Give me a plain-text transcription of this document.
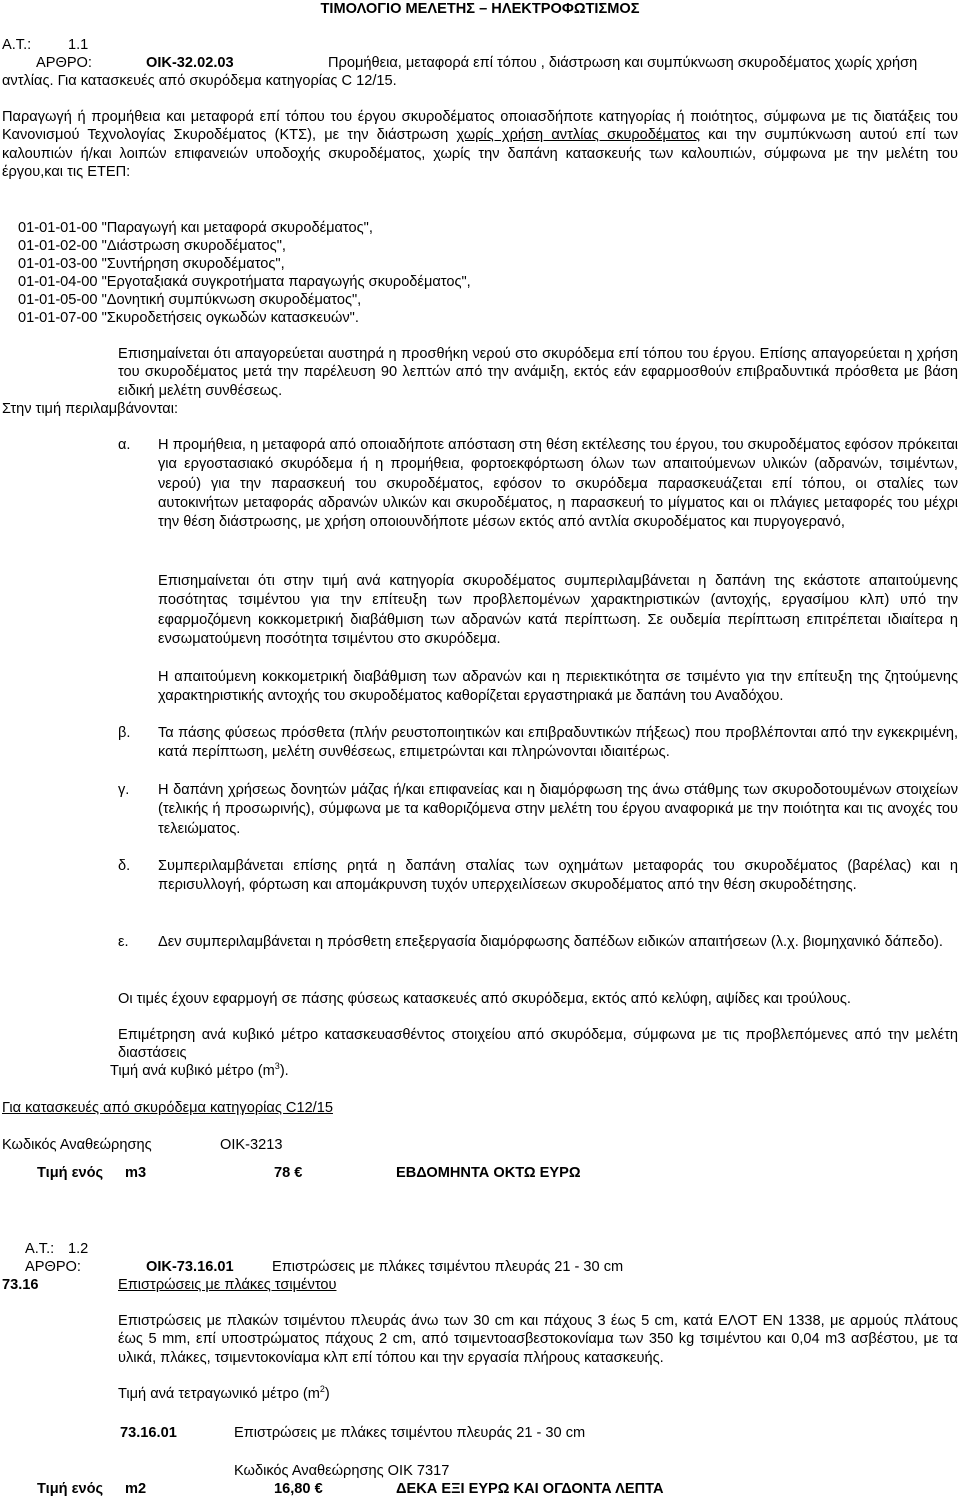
ΤΙΜΟΛΟΓΙΟ ΜΕΛΕΤΗΣ – ΗΛΕΚΤΡΟΦΩΤΙΣΜΟΣ
Α.Τ.:	1.1
ΑΡΘΡΟ:	ΟΙΚ-32.02.03	Προμήθεια, μεταφορά επί τόπου , διάστρωση και συμπύκνωση σκυροδέματος χωρίς χρήση
αντλίας. Για κατασκευές από σκυρόδεμα κατηγορίας C 12/15.
Παραγωγή ή προμήθεια και μεταφορά επί τόπου του έργου σκυροδέματος οποιασδήποτε κατηγορίας ή ποιότητος, σύμφωνα με τις διατάξεις του Κανονισμού Τεχνολογίας Σκυροδέματος (ΚΤΣ), με την διάστρωση χωρίς χρήση αντλίας σκυροδέματος και την συμπύκνωση αυτού επί των καλουπιών ή/και λοιπών επιφανειών υποδοχής σκυροδέματος, χωρίς την δαπάνη κατασκευής των καλουπιών, σύμφωνα με την μελέτη του έργου,και τις ΕΤΕΠ:
01-01-01-00 "Παραγωγή και μεταφορά σκυροδέματος",
01-01-02-00 "Διάστρωση σκυροδέματος",
01-01-03-00 "Συντήρηση σκυροδέματος",
01-01-04-00 "Εργοταξιακά συγκροτήματα παραγωγής σκυροδέματος",
01-01-05-00 "Δονητική συμπύκνωση σκυροδέματος",
01-01-07-00 "Σκυροδετήσεις ογκωδών κατασκευών".
Επισημαίνεται ότι απαγορεύεται αυστηρά η προσθήκη νερού στο σκυρόδεμα επί τόπου του έργου. Επίσης απαγορεύεται η χρήση του σκυροδέματος μετά την παρέλευση 90 λεπτών από την ανάμιξη, εκτός εάν εφαρμοσθούν επιβραδυντικά πρόσθετα με βάση ειδική μελέτη συνθέσεως.
Στην τιμή περιλαμβάνονται:
α. Η προμήθεια, η μεταφορά από οποιαδήποτε απόσταση στη θέση εκτέλεσης του έργου, του σκυροδέματος εφόσον πρόκειται για εργοστασιακό σκυρόδεμα ή η προμήθεια, φορτοεκφόρτωση όλων των απαιτούμενων υλικών (αδρανών, τσιμέντων, νερού) για την παρασκευή του σκυροδέματος, εφόσον το σκυρόδεμα παρασκευάζεται επί τόπου, οι σταλίες των αυτοκινήτων μεταφοράς αδρανών υλικών και σκυροδέματος, η παρασκευή το μίγματος και οι πλάγιες μεταφορές του μέχρι την θέση διάστρωσης, με χρήση οποιουνδήποτε μέσων εκτός από αντλία σκυροδέματος και πυργογερανό,
Επισημαίνεται ότι στην τιμή ανά κατηγορία σκυροδέματος συμπεριλαμβάνεται η δαπάνη της εκάστοτε απαιτούμενης ποσότητας τσιμέντου για την επίτευξη των προβλεπομένων χαρακτηριστικών (αντοχής, εργασίμου κλπ) υπό την εφαρμοζόμενη κοκκομετρική διαβάθμιση των αδρανών κατά περίπτωση. Σε ουδεμία περίπτωση επιτρέπεται ιδιαίτερα η ενσωματούμενη ποσότητα τσιμέντου στο σκυρόδεμα.
Η απαιτούμενη κοκκομετρική διαβάθμιση των αδρανών και η περιεκτικότητα σε τσιμέντο για την επίτευξη της ζητούμενης χαρακτηριστικής αντοχής του σκυροδέματος καθορίζεται εργαστηριακά με δαπάνη του Αναδόχου.
β. Τα πάσης φύσεως πρόσθετα (πλήν ρευστοποιητικών και επιβραδυντικών πήξεως) που προβλέπονται από την εγκεκριμένη, κατά περίπτωση, μελέτη συνθέσεως, επιμετρώνται και πληρώνονται ιδιαιτέρως.
γ. Η δαπάνη χρήσεως δονητών μάζας ή/και επιφανείας και η διαμόρφωση της άνω στάθμης των σκυροδοτουμένων στοιχείων (τελικής ή προσωρινής), σύμφωνα με τα καθοριζόμενα στην μελέτη του έργου αναφορικά με την ποιότητα και τις ανοχές του τελειώματος.
δ. Συμπεριλαμβάνεται επίσης ρητά η δαπάνη σταλίας των οχημάτων μεταφοράς του σκυροδέματος (βαρέλας) και η περισυλλογή, φόρτωση και απομάκρυνση τυχόν υπερχειλίσεων σκυροδέματος από την θέση σκυροδέτησης.
ε. Δεν συμπεριλαμβάνεται η πρόσθετη επεξεργασία διαμόρφωσης δαπέδων ειδικών απαιτήσεων (λ.χ. βιομηχανικό δάπεδο).
Οι τιμές έχουν εφαρμογή σε πάσης φύσεως κατασκευές από σκυρόδεμα, εκτός από κελύφη, αψίδες και τρούλους.
Επιμέτρηση ανά κυβικό μέτρο κατασκευασθέντος στοιχείου από σκυρόδεμα, σύμφωνα με τις προβλεπόμενες από την μελέτη διαστάσεις
Τιμή ανά κυβικό μέτρο $(m^3)$.
Για κατασκευές από σκυρόδεμα κατηγορίας C12/15
Κωδικός Αναθεώρησης	ΟΙΚ-3213
Τιμή ενός m3	78 €	ΕΒΔΟΜΗΝΤΑ ΟΚΤΩ ΕΥΡΩ
Α.Τ.: 1.2
ΑΡΘΡΟ:	ΟΙΚ-73.16.01	Επιστρώσεις με πλάκες τσιμέντου πλευράς 21 - 30 cm
73.16	Επιστρώσεις με πλάκες τσιμέντου
Επιστρώσεις με πλακών τσιμέντου πλευράς άνω των 30 cm και πάχους 3 έως 5 cm, κατά ΕΛΟΤ ΕΝ 1338, με αρμούς πλάτους έως 5 mm, επί υποστρώματος πάχους 2 cm, από τσιμεντοασβεστοκονίαμα των 350 kg τσιμέντου και 0,04 m3 ασβέστου, με τα υλικά, πλάκες, τσιμεντοκονίαμα κλπ επί τόπου και την εργασία πλήρους κατασκευής.
Τιμή ανά τετραγωνικό μέτρο $(m^2)$
73.16.01	Επιστρώσεις με πλάκες τσιμέντου πλευράς 21 - 30 cm
Κωδικός Αναθεώρησης ΟΙΚ 7317
Τιμή ενός m2	16,80 €	ΔΕΚΑ ΕΞΙ ΕΥΡΩ ΚΑΙ ΟΓΔΟΝΤΑ ΛΕΠΤΑ
